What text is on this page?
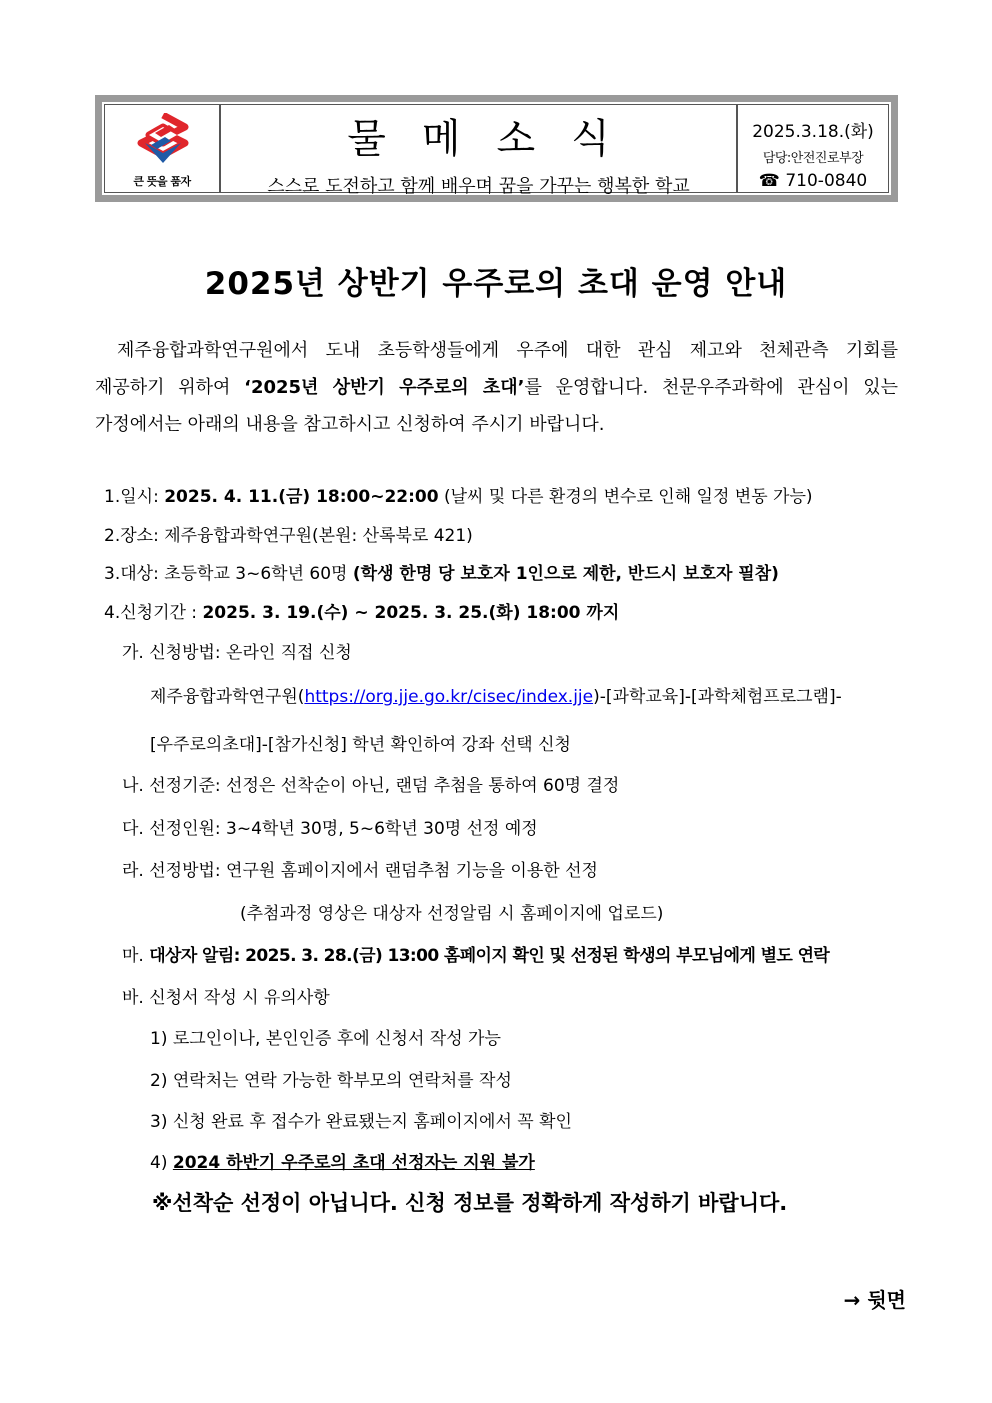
큰 뜻을 품자
물메소식
스스로 도전하고 함께 배우며 꿈을 가꾸는 행복한 학교
2025.3.18.(화)
담당:안전진로부장
☎ 710-0840
2025년 상반기 우주로의 초대 운영 안내
제주융합과학연구원에서 도내 초등학생들에게 우주에 대한 관심 제고와 천체관측 기회를
제공하기 위하여 ‘2025년 상반기 우주로의 초대’를 운영합니다. 천문우주과학에 관심이 있는
가정에서는 아래의 내용을 참고하시고 신청하여 주시기 바랍니다.
1.일시: 2025. 4. 11.(금) 18:00~22:00 (날씨 및 다른 환경의 변수로 인해 일정 변동 가능)
2.장소: 제주융합과학연구원(본원: 산록북로 421)
3.대상: 초등학교 3~6학년 60명 (학생 한명 당 보호자 1인으로 제한, 반드시 보호자 필참)
4.신청기간 : 2025. 3. 19.(수) ~ 2025. 3. 25.(화) 18:00 까지
가. 신청방법: 온라인 직접 신청
제주융합과학연구원(https://org.jje.go.kr/cisec/index.jje)-[과학교육]-[과학체험프로그램]-
[우주로의초대]-[참가신청] 학년 확인하여 강좌 선택 신청
나. 선정기준: 선정은 선착순이 아닌, 랜덤 추첨을 통하여 60명 결정
다. 선정인원: 3~4학년 30명, 5~6학년 30명 선정 예정
라. 선정방법: 연구원 홈페이지에서 랜덤추첨 기능을 이용한 선정
(추첨과정 영상은 대상자 선정알림 시 홈페이지에 업로드)
마. 대상자 알림: 2025. 3. 28.(금) 13:00 홈페이지 확인 및 선정된 학생의 부모님에게 별도 연락
바. 신청서 작성 시 유의사항
1) 로그인이나, 본인인증 후에 신청서 작성 가능
2) 연락처는 연락 가능한 학부모의 연락처를 작성
3) 신청 완료 후 접수가 완료됐는지 홈페이지에서 꼭 확인
4) 2024 하반기 우주로의 초대 선정자는 지원 불가
※선착순 선정이 아닙니다. 신청 정보를 정확하게 작성하기 바랍니다.
→ 뒷면
